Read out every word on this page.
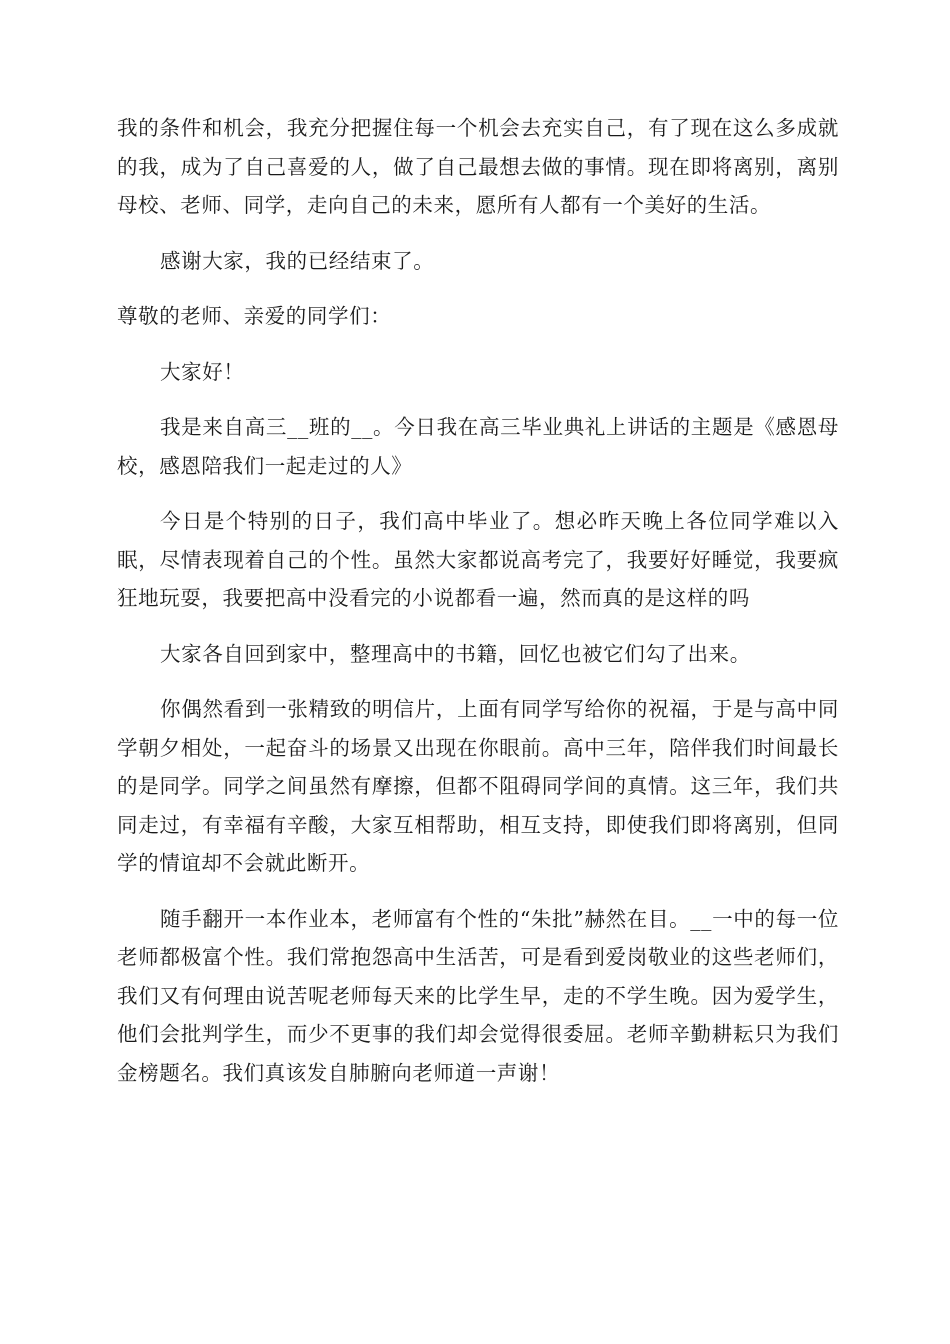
我的条件和机会，我充分把握住每一个机会去充实自己，有了现在这么多成就的我，成为了自己喜爱的人，做了自己最想去做的事情。现在即将离别，离别母校、老师、同学，走向自己的未来，愿所有人都有一个美好的生活。

感谢大家，我的已经结束了。

尊敬的老师、亲爱的同学们：

大家好！

我是来自高三__班的__。今日我在高三毕业典礼上讲话的主题是《感恩母校，感恩陪我们一起走过的人》

今日是个特别的日子，我们高中毕业了。想必昨天晚上各位同学难以入眠，尽情表现着自己的个性。虽然大家都说高考完了，我要好好睡觉，我要疯狂地玩耍，我要把高中没看完的小说都看一遍，然而真的是这样的吗

大家各自回到家中，整理高中的书籍，回忆也被它们勾了出来。

你偶然看到一张精致的明信片，上面有同学写给你的祝福，于是与高中同学朝夕相处，一起奋斗的场景又出现在你眼前。高中三年，陪伴我们时间最长的是同学。同学之间虽然有摩擦，但都不阻碍同学间的真情。这三年，我们共同走过，有幸福有辛酸，大家互相帮助，相互支持，即使我们即将离别，但同学的情谊却不会就此断开。

随手翻开一本作业本，老师富有个性的“朱批”赫然在目。__一中的每一位老师都极富个性。我们常抱怨高中生活苦，可是看到爱岗敬业的这些老师们，我们又有何理由说苦呢老师每天来的比学生早，走的不学生晚。因为爱学生，他们会批判学生，而少不更事的我们却会觉得很委屈。老师辛勤耕耘只为我们金榜题名。我们真该发自肺腑向老师道一声谢！
